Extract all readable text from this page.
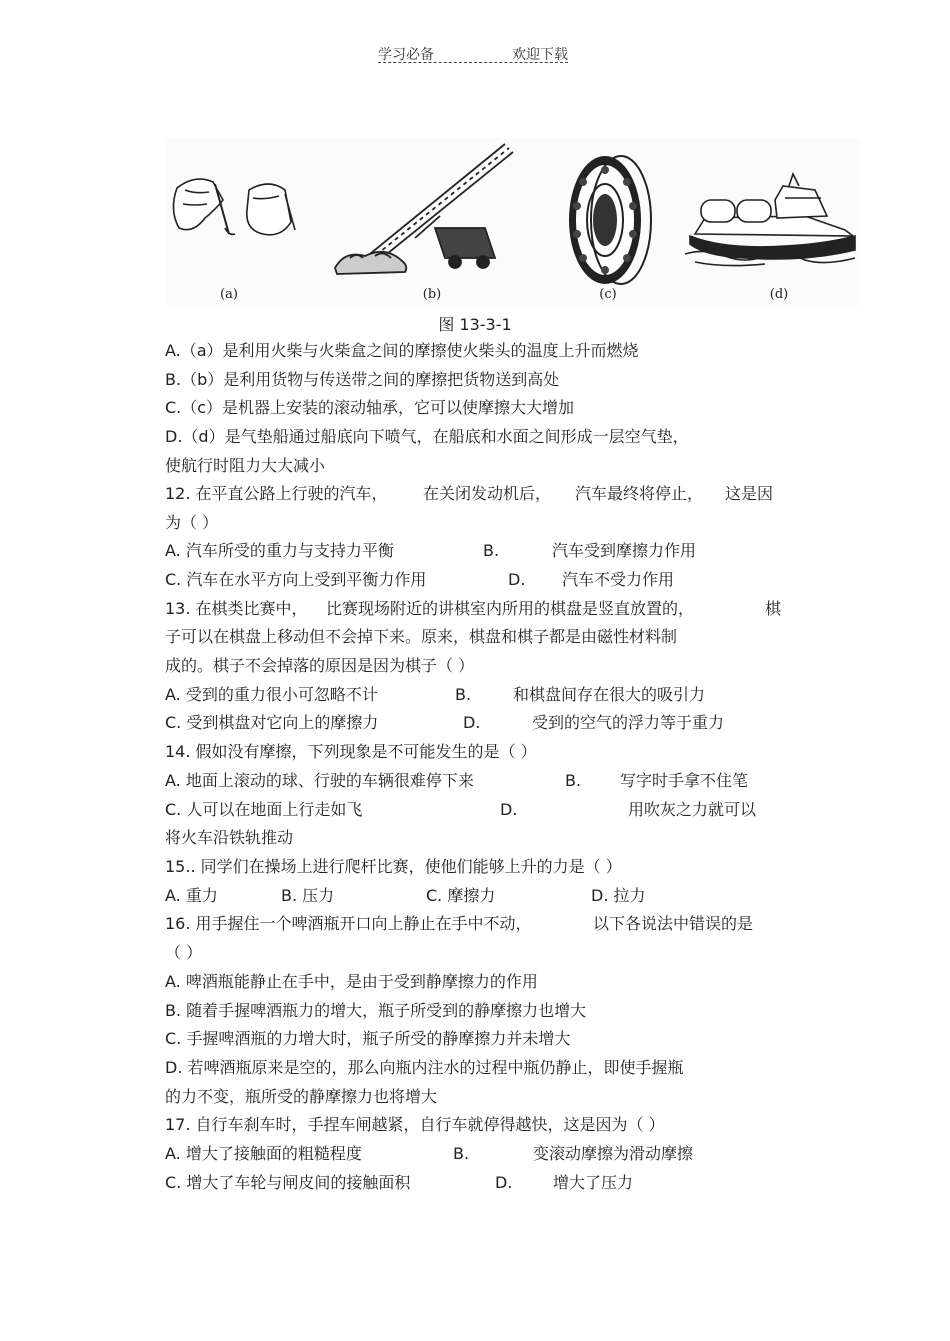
学习必备	欢迎下载
(a)	(b)	(c)	(d)
图 13-3-1
A.（a）是利用火柴与火柴盒之间的摩擦使火柴头的温度上升而燃烧
B.（b）是利用货物与传送带之间的摩擦把货物送到高处
C.（c）是机器上安装的滚动轴承，它可以使摩擦大大增加
D.（d）是气垫船通过船底向下喷气，在船底和水面之间形成一层空气垫，
使航行时阻力大大减小
12. 在平直公路上行驶的汽车， 在关闭发动机后， 汽车最终将停止， 这是因
为（ ）
A. 汽车所受的重力与支持力平衡	B.	汽车受到摩擦力作用
C. 汽车在水平方向上受到平衡力作用	D. 汽车不受力作用
13. 在棋类比赛中， 比赛现场附近的讲棋室内所用的棋盘是竖直放置的，	棋
子可以在棋盘上移动但不会掉下来。原来，棋盘和棋子都是由磁性材料制
成的。棋子不会掉落的原因是因为棋子（ ）
A. 受到的重力很小可忽略不计	B.	和棋盘间存在很大的吸引力
C. 受到棋盘对它向上的摩擦力	D.	受到的空气的浮力等于重力
14. 假如没有摩擦，下列现象是不可能发生的是（ ）
A. 地面上滚动的球、行驶的车辆很难停下来	B. 写字时手拿不住笔
C. 人可以在地面上行走如飞	D.	用吹灰之力就可以
将火车沿铁轨推动
15.. 同学们在操场上进行爬杆比赛，使他们能够上升的力是（ ）
A. 重力	B. 压力	C. 摩擦力	D. 拉力
16. 用手握住一个啤酒瓶开口向上静止在手中不动，	以下各说法中错误的是
（ ）
A. 啤酒瓶能静止在手中，是由于受到静摩擦力的作用
B. 随着手握啤酒瓶力的增大，瓶子所受到的静摩擦力也增大
C. 手握啤酒瓶的力增大时，瓶子所受的静摩擦力并未增大
D. 若啤酒瓶原来是空的，那么向瓶内注水的过程中瓶仍静止，即使手握瓶
的力不变，瓶所受的静摩擦力也将增大
17. 自行车刹车时，手捏车闸越紧，自行车就停得越快，这是因为（ ）
A. 增大了接触面的粗糙程度	B.	变滚动摩擦为滑动摩擦
C. 增大了车轮与闸皮间的接触面积	D.	增大了压力
